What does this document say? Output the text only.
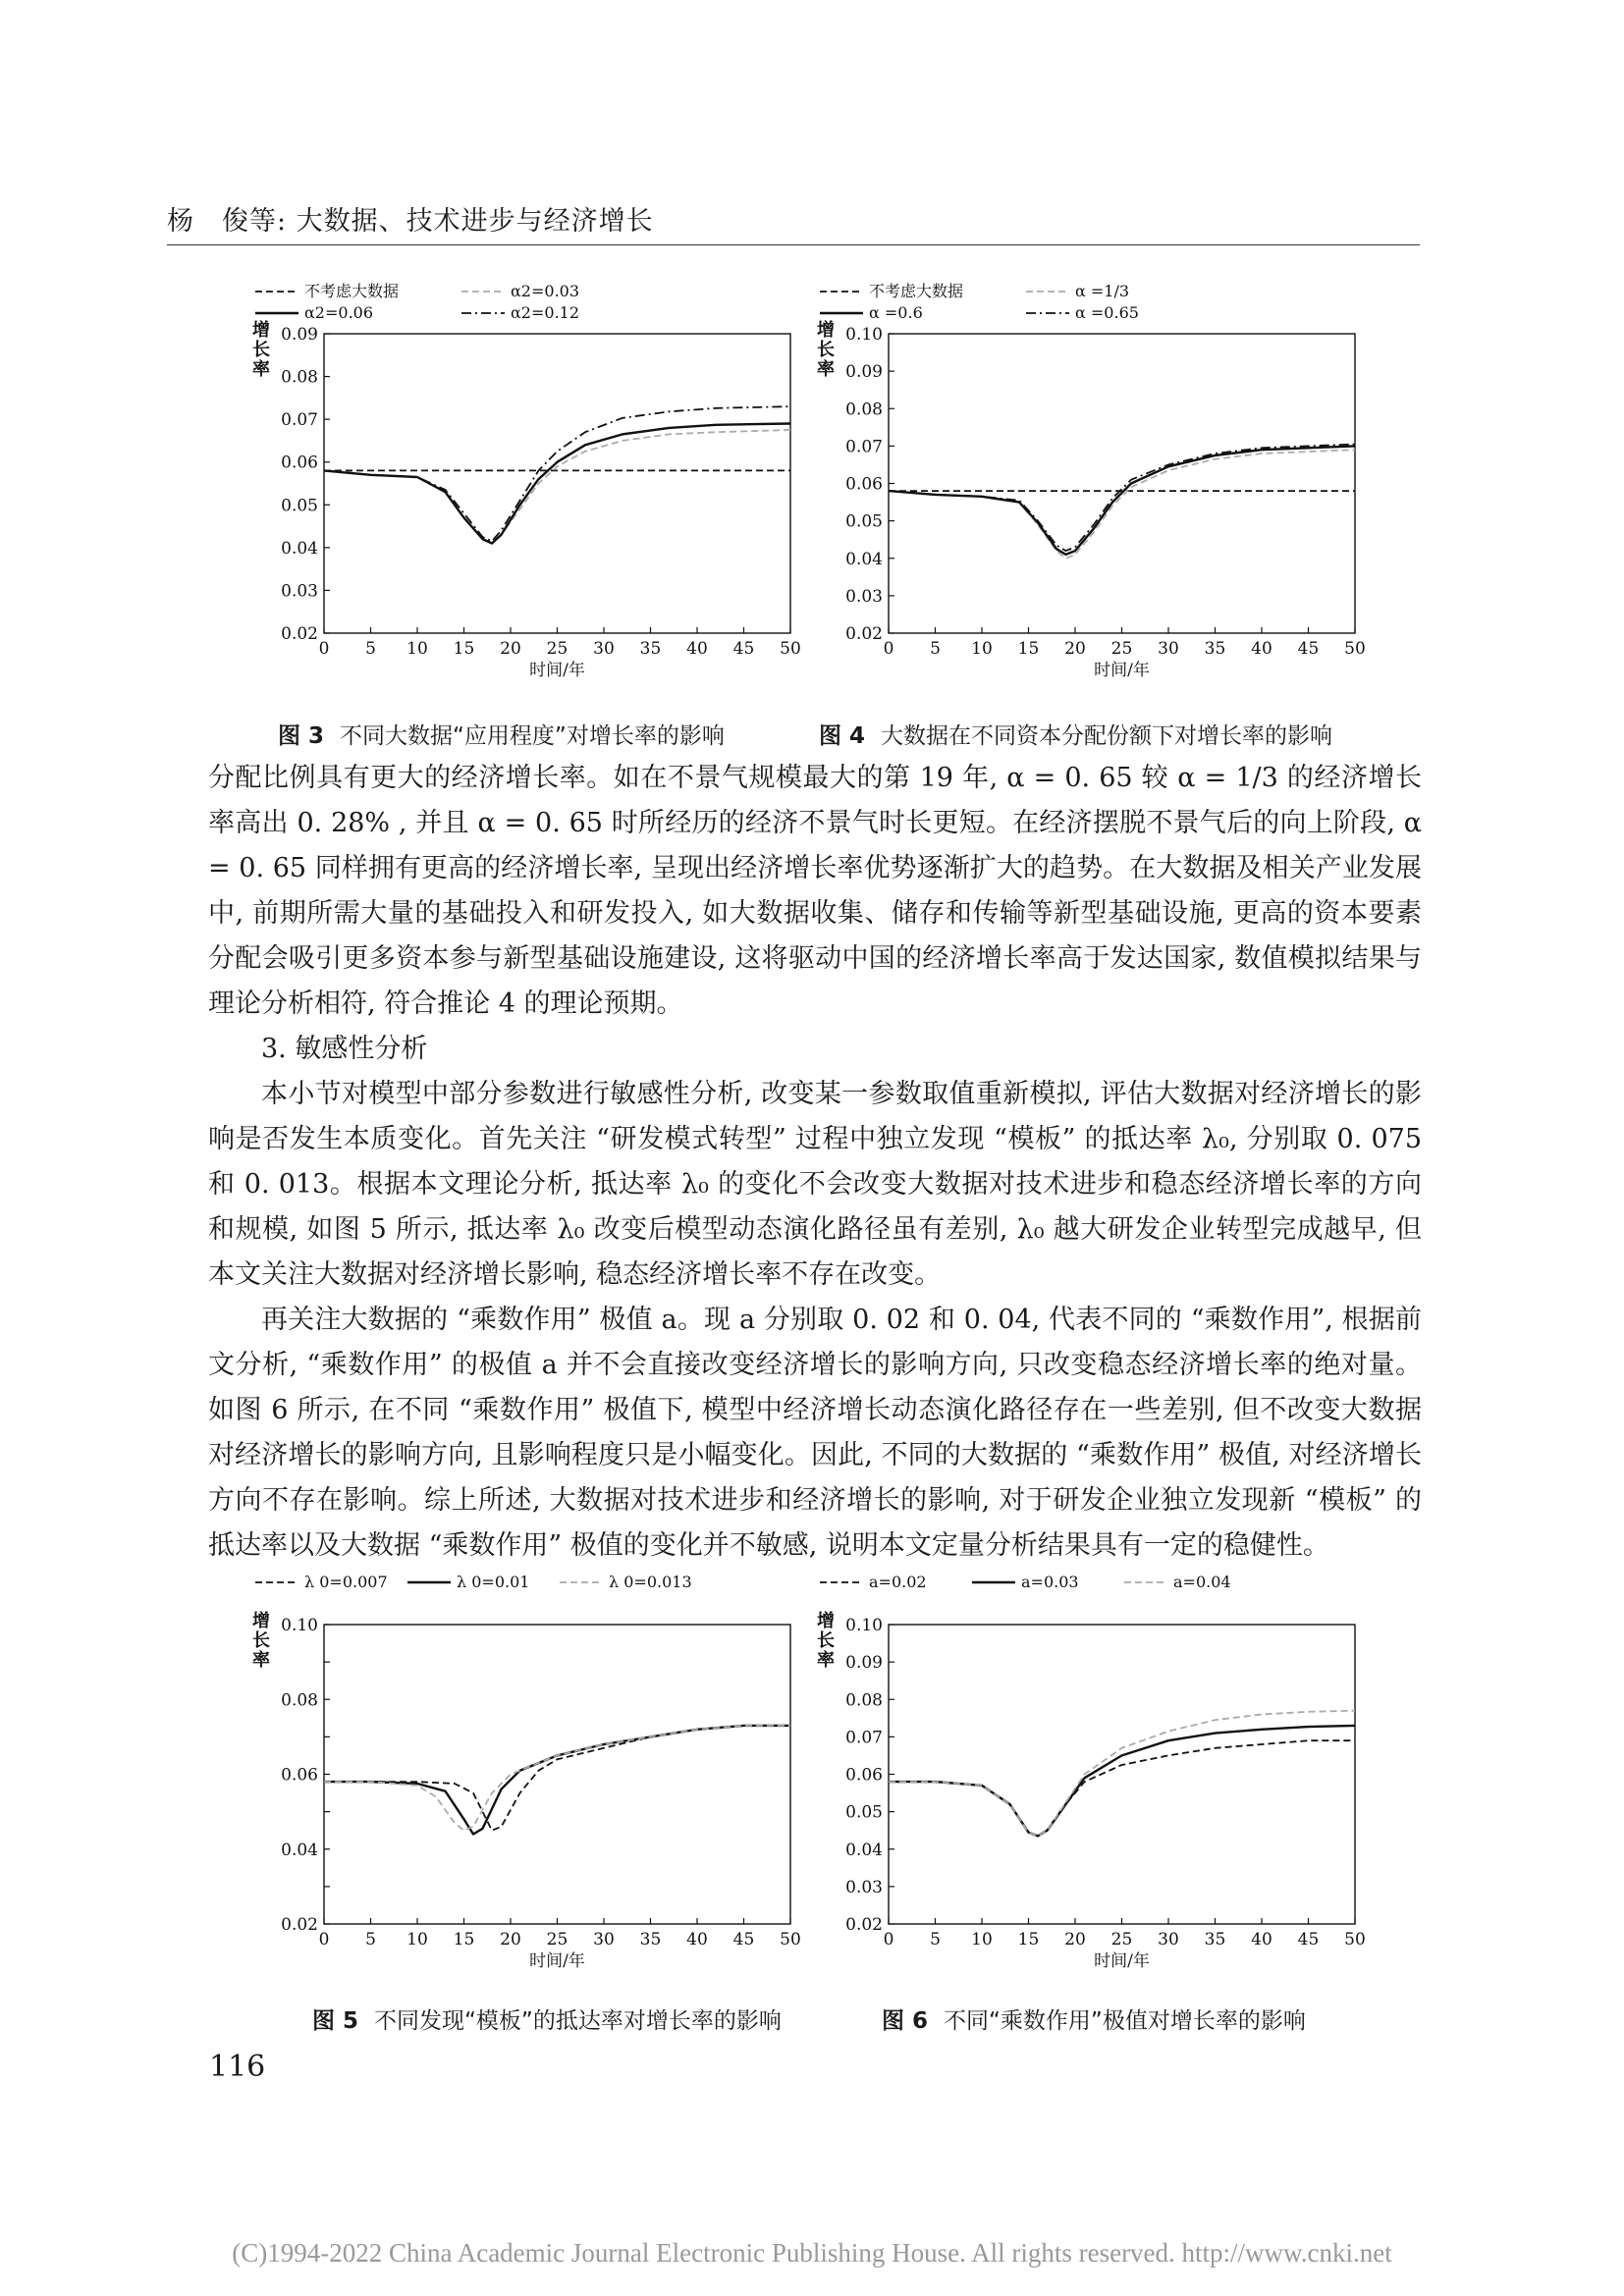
杨　俊等: 大数据、技术进步与经济增长
不考虑大数据	α2=0.03
α2=0.06	α2=0.12
增
长
率
0.02
0.03
0.04
0.05
0.06
0.07
0.08
0.09
0 5 10 15 20 25 30 35 40 45 50
时间/年
不考虑大数据	α =1/3
α =0.6	α =0.65
增
长
率
0.02
0.03
0.04
0.05
0.06
0.07
0.08
0.09
0.10
0 5 10 15 20 25 30 35 40 45 50
时间/年
λ 0=0.007	λ 0=0.01	λ 0=0.013
增
长
率
0.02
0.04
0.06
0.08
0.10
0 5 10 15 20 25 30 35 40 45 50
时间/年
a=0.02	a=0.03	a=0.04
增
长
率
0.02
0.03
0.04
0.05
0.06
0.07
0.08
0.09
0.10
0 5 10 15 20 25 30 35 40 45 50
时间/年
图 3 不同大数据“应用程度”对增长率的影响	图 4 大数据在不同资本分配份额下对增长率的影响

分配比例具有更大的经济增长率。如在不景气规模最大的第 19 年, α = 0. 65 较 α = 1/3 的经济增长率高出 0. 28% , 并且 α = 0. 65 时所经历的经济不景气时长更短。在经济摆脱不景气后的向上阶段, α = 0. 65 同样拥有更高的经济增长率, 呈现出经济增长率优势逐渐扩大的趋势。在大数据及相关产业发展中, 前期所需大量的基础投入和研发投入, 如大数据收集、储存和传输等新型基础设施, 更高的资本要素分配会吸引更多资本参与新型基础设施建设, 这将驱动中国的经济增长率高于发达国家, 数值模拟结果与理论分析相符, 符合推论 4 的理论预期。

3. 敏感性分析

本小节对模型中部分参数进行敏感性分析, 改变某一参数取值重新模拟, 评估大数据对经济增长的影响是否发生本质变化。首先关注 “研发模式转型” 过程中独立发现 “模板” 的抵达率 λ₀, 分别取 0. 075 和 0. 013。根据本文理论分析, 抵达率 λ₀ 的变化不会改变大数据对技术进步和稳态经济增长率的方向和规模, 如图 5 所示, 抵达率 λ₀ 改变后模型动态演化路径虽有差别, λ₀ 越大研发企业转型完成越早, 但本文关注大数据对经济增长影响, 稳态经济增长率不存在改变。

再关注大数据的 “乘数作用” 极值 a。现 a 分别取 0. 02 和 0. 04, 代表不同的 “乘数作用”, 根据前文分析, “乘数作用” 的极值 a 并不会直接改变经济增长的影响方向, 只改变稳态经济增长率的绝对量。如图 6 所示, 在不同 “乘数作用” 极值下, 模型中经济增长动态演化路径存在一些差别, 但不改变大数据对经济增长的影响方向, 且影响程度只是小幅变化。因此, 不同的大数据的 “乘数作用” 极值, 对经济增长方向不存在影响。综上所述, 大数据对技术进步和经济增长的影响, 对于研发企业独立发现新 “模板” 的抵达率以及大数据 “乘数作用” 极值的变化并不敏感, 说明本文定量分析结果具有一定的稳健性。

图 5 不同发现“模板”的抵达率对增长率的影响	图 6 不同“乘数作用”极值对增长率的影响
116
(C)1994-2022 China Academic Journal Electronic Publishing House. All rights reserved. http://www.cnki.net
